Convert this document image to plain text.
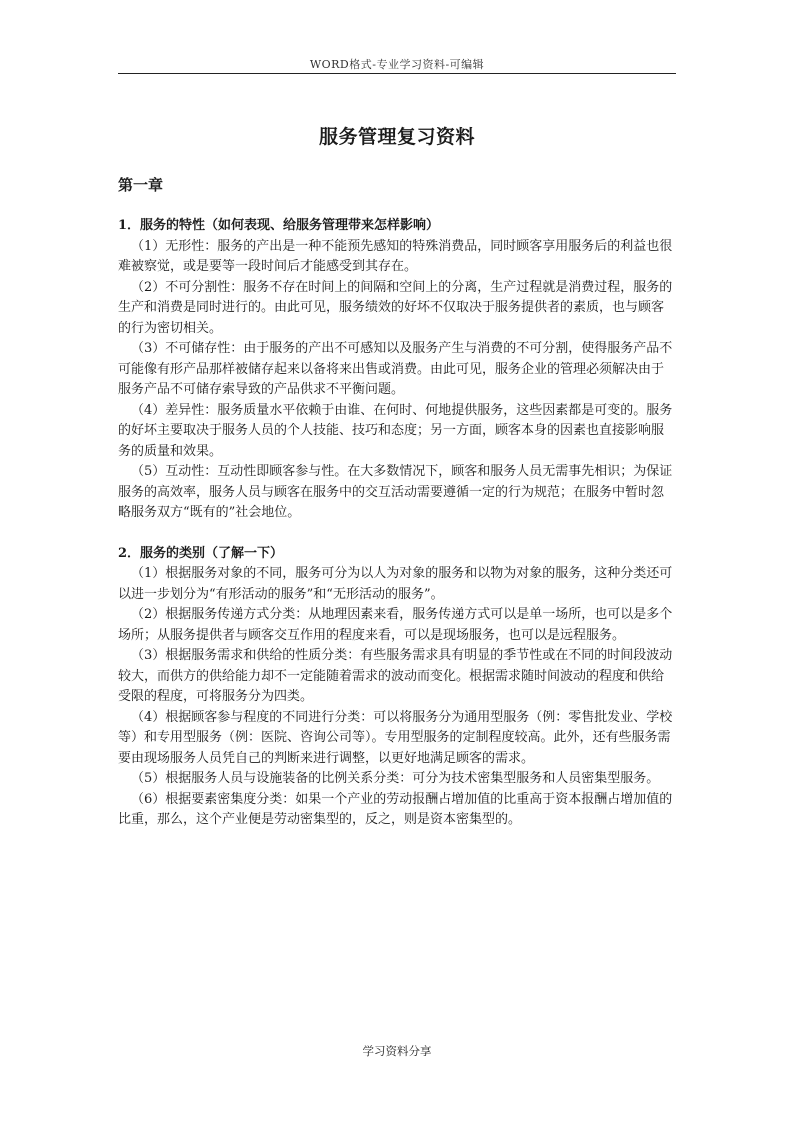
WORD格式-专业学习资料-可编辑
服务管理复习资料
第一章
1．服务的特性（如何表现、给服务管理带来怎样影响）
（1）无形性：服务的产出是一种不能预先感知的特殊消费品，同时顾客享用服务后的利益也很难被察觉，或是要等一段时间后才能感受到其存在。
（2）不可分割性：服务不存在时间上的间隔和空间上的分离，生产过程就是消费过程，服务的生产和消费是同时进行的。由此可见，服务绩效的好坏不仅取决于服务提供者的素质，也与顾客的行为密切相关。
（3）不可储存性：由于服务的产出不可感知以及服务产生与消费的不可分割，使得服务产品不可能像有形产品那样被储存起来以备将来出售或消费。由此可见，服务企业的管理必须解决由于服务产品不可储存索导致的产品供求不平衡问题。
（4）差异性：服务质量水平依赖于由谁、在何时、何地提供服务，这些因素都是可变的。服务的好坏主要取决于服务人员的个人技能、技巧和态度；另一方面，顾客本身的因素也直接影响服务的质量和效果。
（5）互动性：互动性即顾客参与性。在大多数情况下，顾客和服务人员无需事先相识；为保证服务的高效率，服务人员与顾客在服务中的交互活动需要遵循一定的行为规范；在服务中暂时忽略服务双方“既有的”社会地位。
2．服务的类别（了解一下）
（1）根据服务对象的不同，服务可分为以人为对象的服务和以物为对象的服务，这种分类还可以进一步划分为“有形活动的服务”和“无形活动的服务”。
（2）根据服务传递方式分类：从地理因素来看，服务传递方式可以是单一场所，也可以是多个场所；从服务提供者与顾客交互作用的程度来看，可以是现场服务，也可以是远程服务。
（3）根据服务需求和供给的性质分类：有些服务需求具有明显的季节性或在不同的时间段波动较大，而供方的供给能力却不一定能随着需求的波动而变化。根据需求随时间波动的程度和供给受限的程度，可将服务分为四类。
（4）根据顾客参与程度的不同进行分类：可以将服务分为通用型服务（例：零售批发业、学校等）和专用型服务（例：医院、咨询公司等）。专用型服务的定制程度较高。此外，还有些服务需要由现场服务人员凭自己的判断来进行调整，以更好地满足顾客的需求。
（5）根据服务人员与设施装备的比例关系分类：可分为技术密集型服务和人员密集型服务。
（6）根据要素密集度分类：如果一个产业的劳动报酬占增加值的比重高于资本报酬占增加值的比重，那么，这个产业便是劳动密集型的，反之，则是资本密集型的。
学习资料分享
